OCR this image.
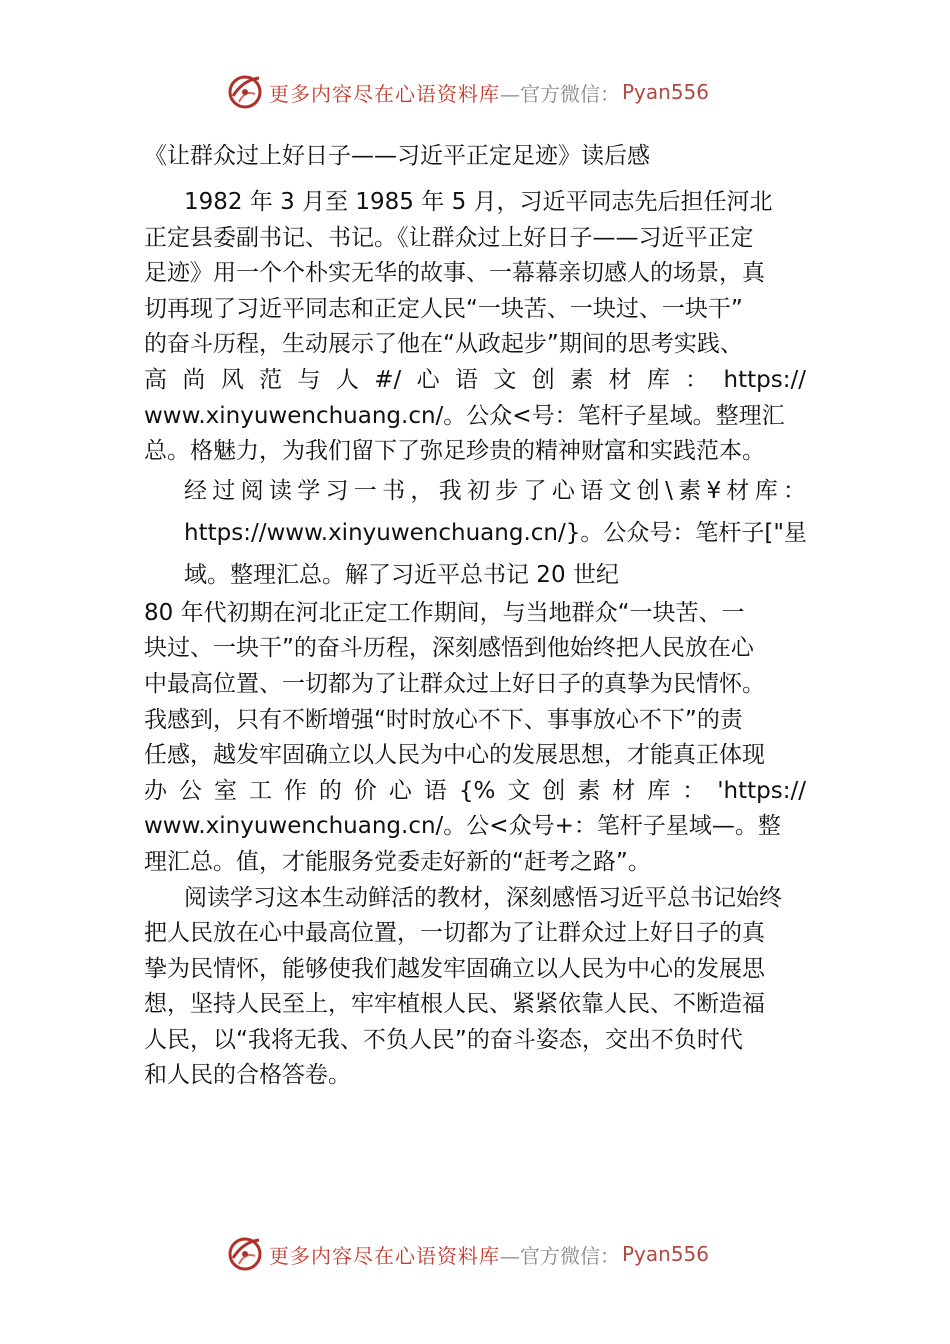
更多内容尽在心语资料库 —官方微信： Pyan556

《让群众过上好日子——习近平正定足迹》读后感

1982 年 3 月至 1985 年 5 月，习近平同志先后担任河北

正定县委副书记、书记。《让群众过上好日子——习近平正定

足迹》用一个个朴实无华的故事、一幕幕亲切感人的场景，真

切再现了习近平同志和正定人民“一块苦、一块过、一块干”

的奋斗历程，生动展示了他在“从政起步”期间的思考实践、

高尚风范与人#/心语文创素材库：https://

www.xinyuwenchuang.cn/。公众<号：笔杆子星域。整理汇

总。格魅力，为我们留下了弥足珍贵的精神财富和实践范本。

经过阅读学习一书，我初步了心语文创\素¥材库：

https://www.xinyuwenchuang.cn/}。公众号：笔杆子["星

域。整理汇总。解了习近平总书记 20 世纪

80 年代初期在河北正定工作期间，与当地群众“一块苦、一

块过、一块干”的奋斗历程，深刻感悟到他始终把人民放在心

中最高位置、一切都为了让群众过上好日子的真挚为民情怀。

我感到，只有不断增强“时时放心不下、事事放心不下”的责

任感，越发牢固确立以人民为中心的发展思想，才能真正体现

办公室工作的价心语{%文创素材库：'https://

www.xinyuwenchuang.cn/。公<众号+：笔杆子星域—。整

理汇总。值，才能服务党委走好新的“赶考之路”。

阅读学习这本生动鲜活的教材，深刻感悟习近平总书记始终

把人民放在心中最高位置，一切都为了让群众过上好日子的真

挚为民情怀，能够使我们越发牢固确立以人民为中心的发展思

想，坚持人民至上，牢牢植根人民、紧紧依靠人民、不断造福

人民，以“我将无我、不负人民”的奋斗姿态，交出不负时代

和人民的合格答卷。

更多内容尽在心语资料库 —官方微信： Pyan556
